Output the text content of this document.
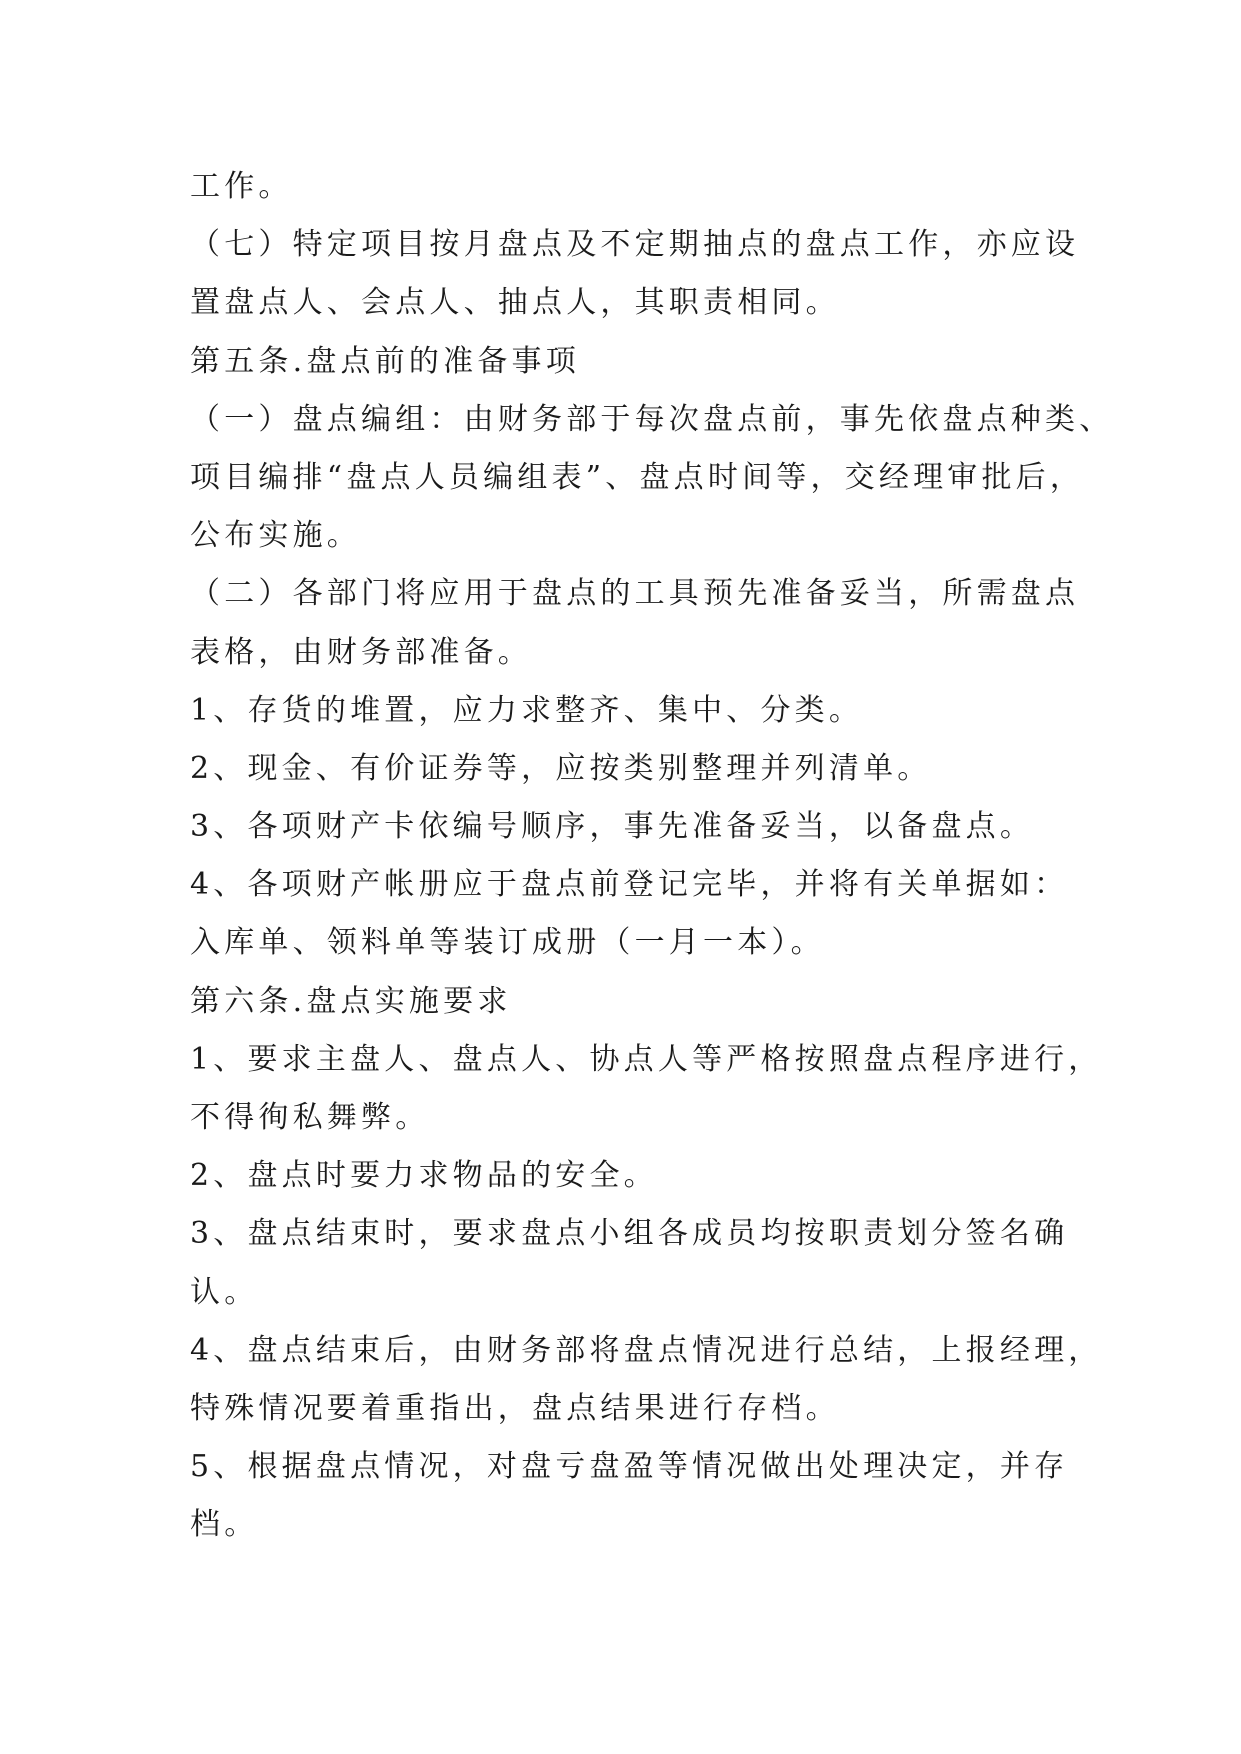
工作。
（七）特定项目按月盘点及不定期抽点的盘点工作，亦应设
置盘点人、会点人、抽点人，其职责相同。
第五条.盘点前的准备事项
（一）盘点编组：由财务部于每次盘点前，事先依盘点种类、
项目编排“盘点人员编组表”、盘点时间等，交经理审批后，
公布实施。
（二）各部门将应用于盘点的工具预先准备妥当，所需盘点
表格，由财务部准备。
1、存货的堆置，应力求整齐、集中、分类。
2、现金、有价证券等，应按类别整理并列清单。
3、各项财产卡依编号顺序，事先准备妥当，以备盘点。
4、各项财产帐册应于盘点前登记完毕，并将有关单据如：
入库单、领料单等装订成册（一月一本）。
第六条.盘点实施要求
1、要求主盘人、盘点人、协点人等严格按照盘点程序进行，
不得徇私舞弊。
2、盘点时要力求物品的安全。
3、盘点结束时，要求盘点小组各成员均按职责划分签名确
认。
4、盘点结束后，由财务部将盘点情况进行总结，上报经理，
特殊情况要着重指出，盘点结果进行存档。
5、根据盘点情况，对盘亏盘盈等情况做出处理决定，并存
档。
